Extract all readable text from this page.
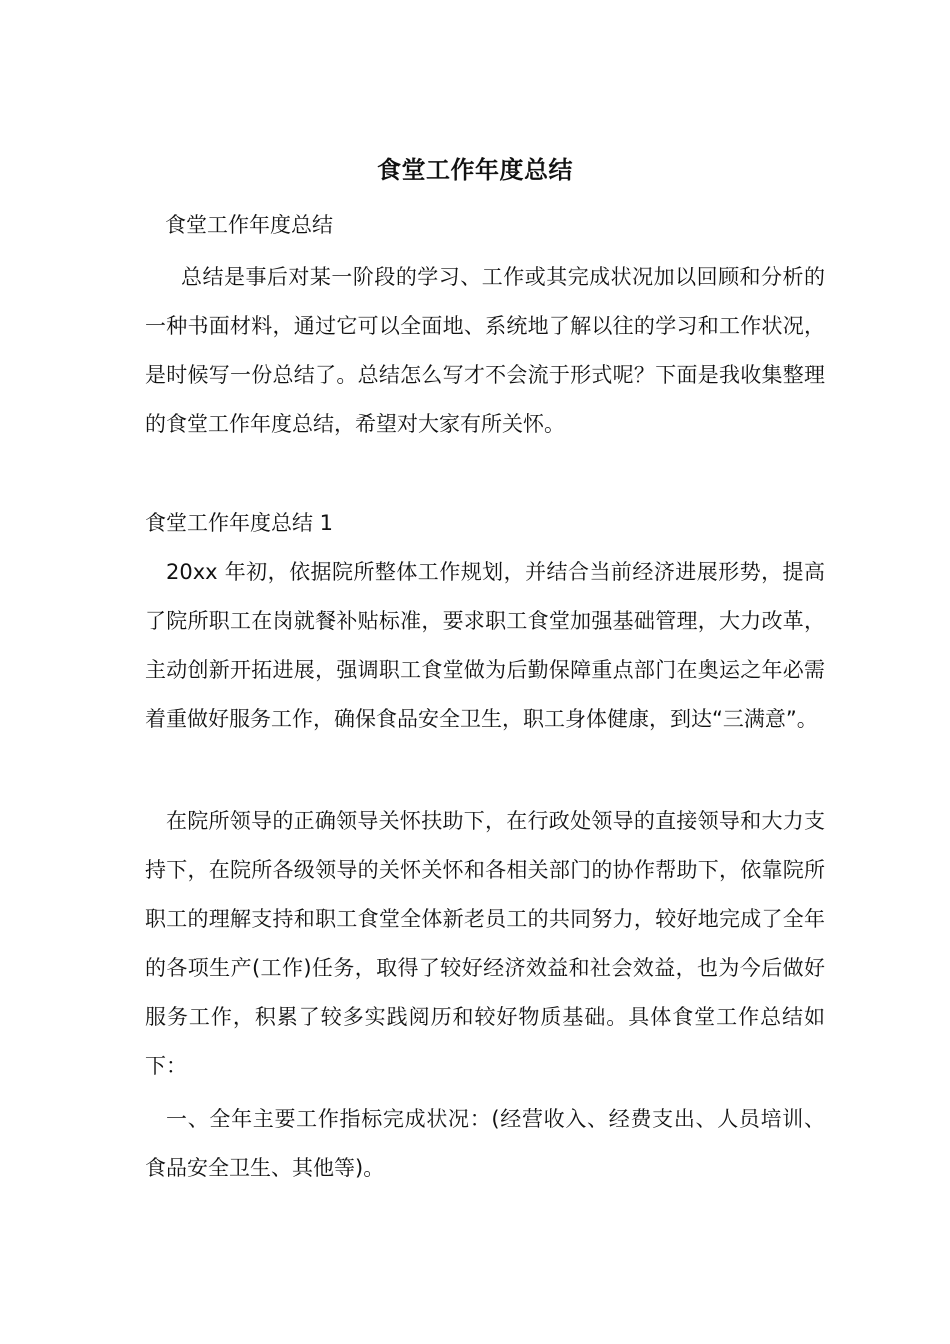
食堂工作年度总结
食堂工作年度总结
总结是事后对某一阶段的学习、工作或其完成状况加以回顾和分析的一种书面材料，通过它可以全面地、系统地了解以往的学习和工作状况，是时候写一份总结了。总结怎么写才不会流于形式呢？下面是我收集整理的食堂工作年度总结，希望对大家有所关怀。
食堂工作年度总结 1
20xx 年初，依据院所整体工作规划，并结合当前经济进展形势，提高了院所职工在岗就餐补贴标准，要求职工食堂加强基础管理，大力改革，主动创新开拓进展，强调职工食堂做为后勤保障重点部门在奥运之年必需着重做好服务工作，确保食品安全卫生，职工身体健康，到达“三满意”。
在院所领导的正确领导关怀扶助下，在行政处领导的直接领导和大力支持下，在院所各级领导的关怀关怀和各相关部门的协作帮助下，依靠院所职工的理解支持和职工食堂全体新老员工的共同努力，较好地完成了全年的各项生产(工作)任务，取得了较好经济效益和社会效益，也为今后做好服务工作，积累了较多实践阅历和较好物质基础。具体食堂工作总结如下：
一、全年主要工作指标完成状况：(经营收入、经费支出、人员培训、食品安全卫生、其他等)。
